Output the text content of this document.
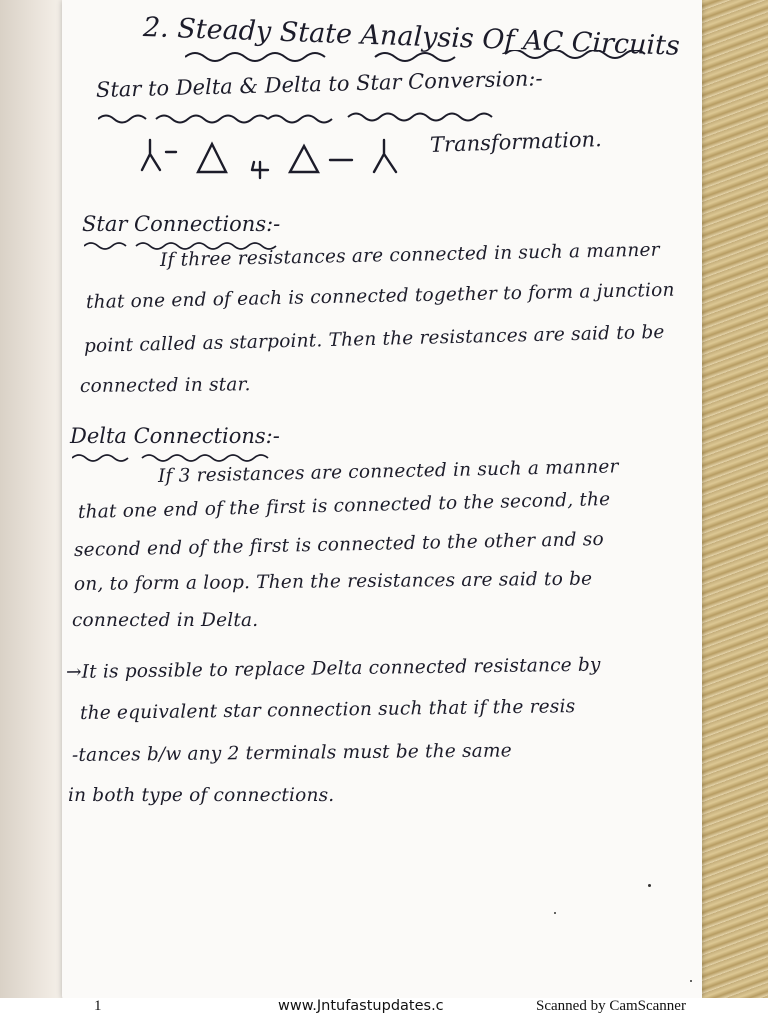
2. Steady State Analysis Of AC Circuits
Star to Delta & Delta to Star Conversion:-
Transformation.
Star Connections:-
If three resistances are connected in such a manner
that one end of each is connected together to form a junction
point called as starpoint. Then the resistances are said to be
connected in star.
Delta Connections:-
If 3 resistances are connected in such a manner
that one end of the first is connected to the second, the
second end of the first is connected to the other and so
on, to form a loop. Then the resistances are said to be
connected in Delta.
→It is possible to replace Delta connected resistance by
the equivalent star connection such that if the resis
-tances b/w any 2 terminals must be the same
in both type of connections.
1	www.Jntufastupdates.c	Scanned by CamScanner
